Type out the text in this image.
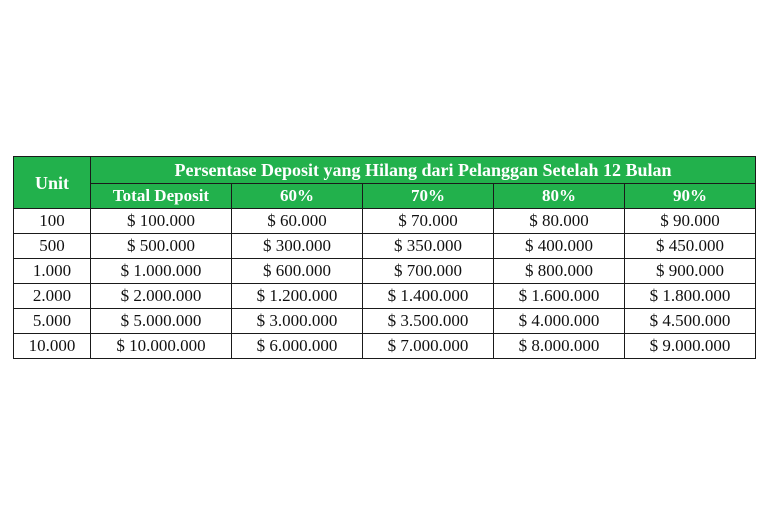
Unit	Persentase Deposit yang Hilang dari Pelanggan Setelah 12 Bulan				
	Total Deposit	60%	70%	80%	90%
100	$ 100.000	$ 60.000	$ 70.000	$ 80.000	$ 90.000
500	$ 500.000	$ 300.000	$ 350.000	$ 400.000	$ 450.000
1.000	$ 1.000.000	$ 600.000	$ 700.000	$ 800.000	$ 900.000
2.000	$ 2.000.000	$ 1.200.000	$ 1.400.000	$ 1.600.000	$ 1.800.000
5.000	$ 5.000.000	$ 3.000.000	$ 3.500.000	$ 4.000.000	$ 4.500.000
10.000	$ 10.000.000	$ 6.000.000	$ 7.000.000	$ 8.000.000	$ 9.000.000
